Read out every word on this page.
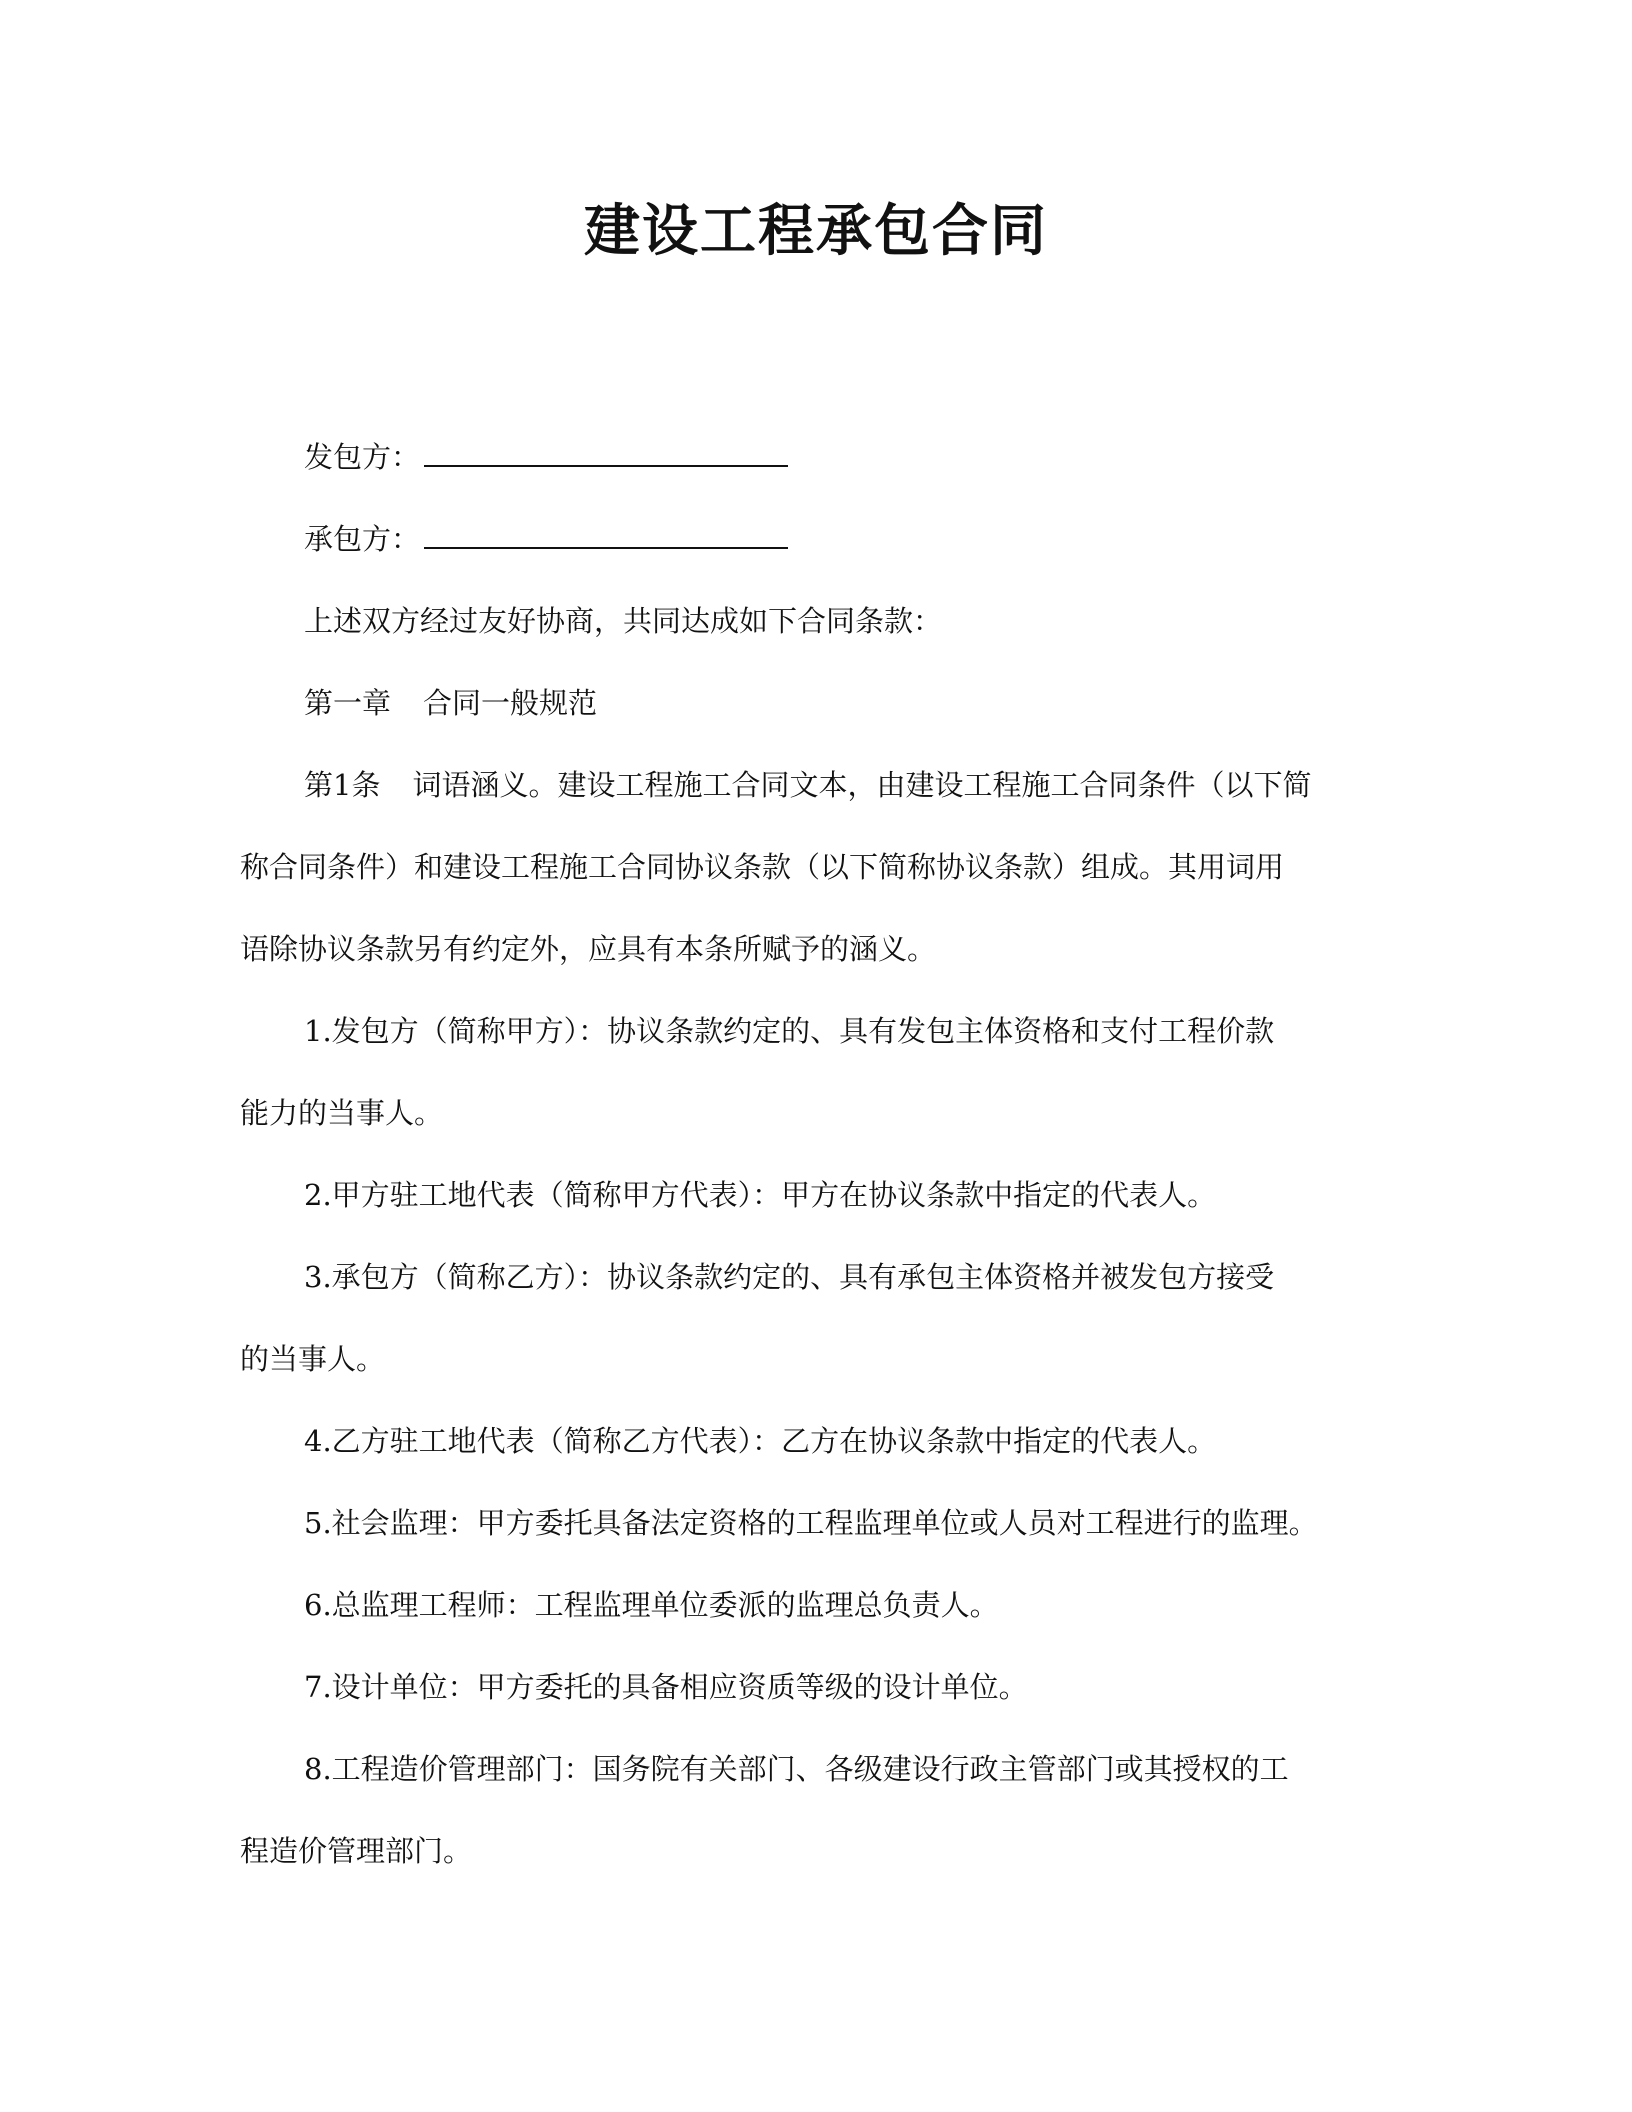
建设工程承包合同
发包方：
承包方：
上述双方经过友好协商，共同达成如下合同条款：
第一章 合同一般规范
第1条 词语涵义。建设工程施工合同文本，由建设工程施工合同条件（以下简
称合同条件）和建设工程施工合同协议条款（以下简称协议条款）组成。其用词用
语除协议条款另有约定外，应具有本条所赋予的涵义。
1.发包方（简称甲方）：协议条款约定的、具有发包主体资格和支付工程价款
能力的当事人。
2.甲方驻工地代表（简称甲方代表）：甲方在协议条款中指定的代表人。
3.承包方（简称乙方）：协议条款约定的、具有承包主体资格并被发包方接受
的当事人。
4.乙方驻工地代表（简称乙方代表）：乙方在协议条款中指定的代表人。
5.社会监理：甲方委托具备法定资格的工程监理单位或人员对工程进行的监理。
6.总监理工程师：工程监理单位委派的监理总负责人。
7.设计单位：甲方委托的具备相应资质等级的设计单位。
8.工程造价管理部门：国务院有关部门、各级建设行政主管部门或其授权的工
程造价管理部门。
